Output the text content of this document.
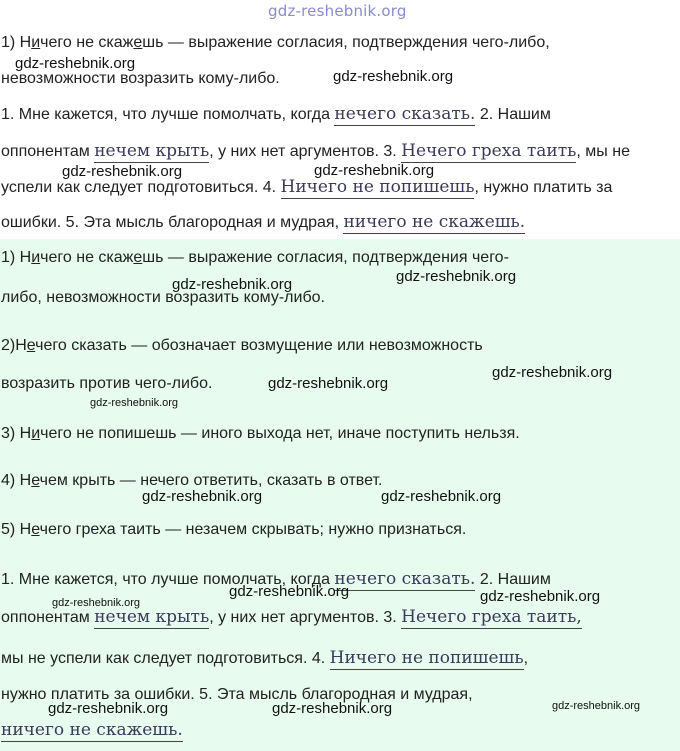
gdz-reshebnik.org
1) Ничего не скажешь — выражение согласия, подтверждения чего-либо,
невозможности возразить кому-либо.
1. Мне кажется, что лучше помолчать, когда нечего сказать. 2. Нашим
оппонентам нечем крыть, у них нет аргументов. 3. Нечего греха таить, мы не
успели как следует подготовиться. 4. Ничего не попишешь, нужно платить за
ошибки. 5. Эта мысль благородная и мудрая, ничего не скажешь.
gdz-reshebnik.org
gdz-reshebnik.org
gdz-reshebnik.org	gdz-reshebnik.org
1) Ничего не скажешь — выражение согласия, подтверждения чего-
либо, невозможности возразить кому-либо.
2)Нечего сказать — обозначает возмущение или невозможность
возразить против чего-либо.
3) Ничего не попишешь — иного выхода нет, иначе поступить нельзя.
4) Нечем крыть — нечего ответить, сказать в ответ.
5) Нечего греха таить — незачем скрывать; нужно признаться.
1. Мне кажется, что лучше помолчать, когда нечего сказать. 2. Нашим
оппонентам нечем крыть, у них нет аргументов. 3. Нечего греха таить,
мы не успели как следует подготовиться. 4. Ничего не попишешь,
нужно платить за ошибки. 5. Эта мысль благородная и мудрая,
ничего не скажешь.
gdz-reshebnik.org
gdz-reshebnik.org
gdz-reshebnik.org
gdz-reshebnik.org
gdz-reshebnik.org
gdz-reshebnik.org	gdz-reshebnik.org
gdz-reshebnik.org
gdz-reshebnik.org	gdz-reshebnik.org
gdz-reshebnik.org	gdz-reshebnik.org	gdz-reshebnik.org
